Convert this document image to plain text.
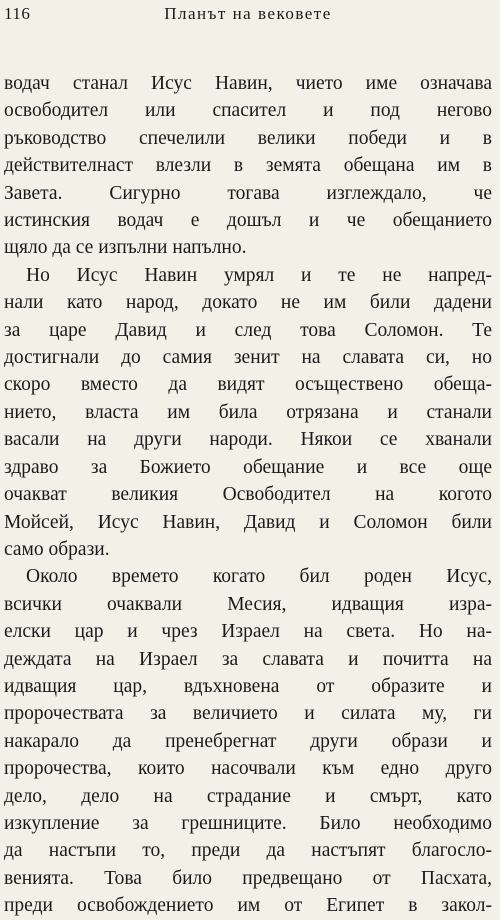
116	Планът на вековете
водач станал Исус Навин, чието име означава
освободител или спасител и под негово
ръководство спечелили велики победи и в
действителнаст влезли в земята обещана им в
Завета. Сигурно тогава изглеждало, че
истинския водач е дошъл и че обещанието
щяло да се изпълни напълно.
Но Исус Навин умрял и те не напред-
нали като народ, докато не им били дадени
за царе Давид и след това Соломон. Те
достигнали до самия зенит на славата си, но
скоро вместо да видят осъществено обеща-
нието, власта им била отрязана и станали
васали на други народи. Някои се хванали
здраво за Божието обещание и все още
очакват великия Освободител на когото
Мойсей, Исус Навин, Давид и Соломон били
само образи.
Около времето когато бил роден Исус,
всички очаквали Месия, идващия изра-
елски цар и чрез Израел на света. Но на-
деждата на Израел за славата и почитта на
идващия цар, вдъхновена от образите и
пророчествата за величието и силата му, ги
накарало да пренебрегнат други образи и
пророчества, които насочвали към едно друго
дело, дело на страдание и смърт, като
изкупление за грешниците. Било необходимо
да настъпи то, преди да настъпят благосло-
венията. Това било предвещано от Пасхата,
преди освобождението им от Египет в закол-
